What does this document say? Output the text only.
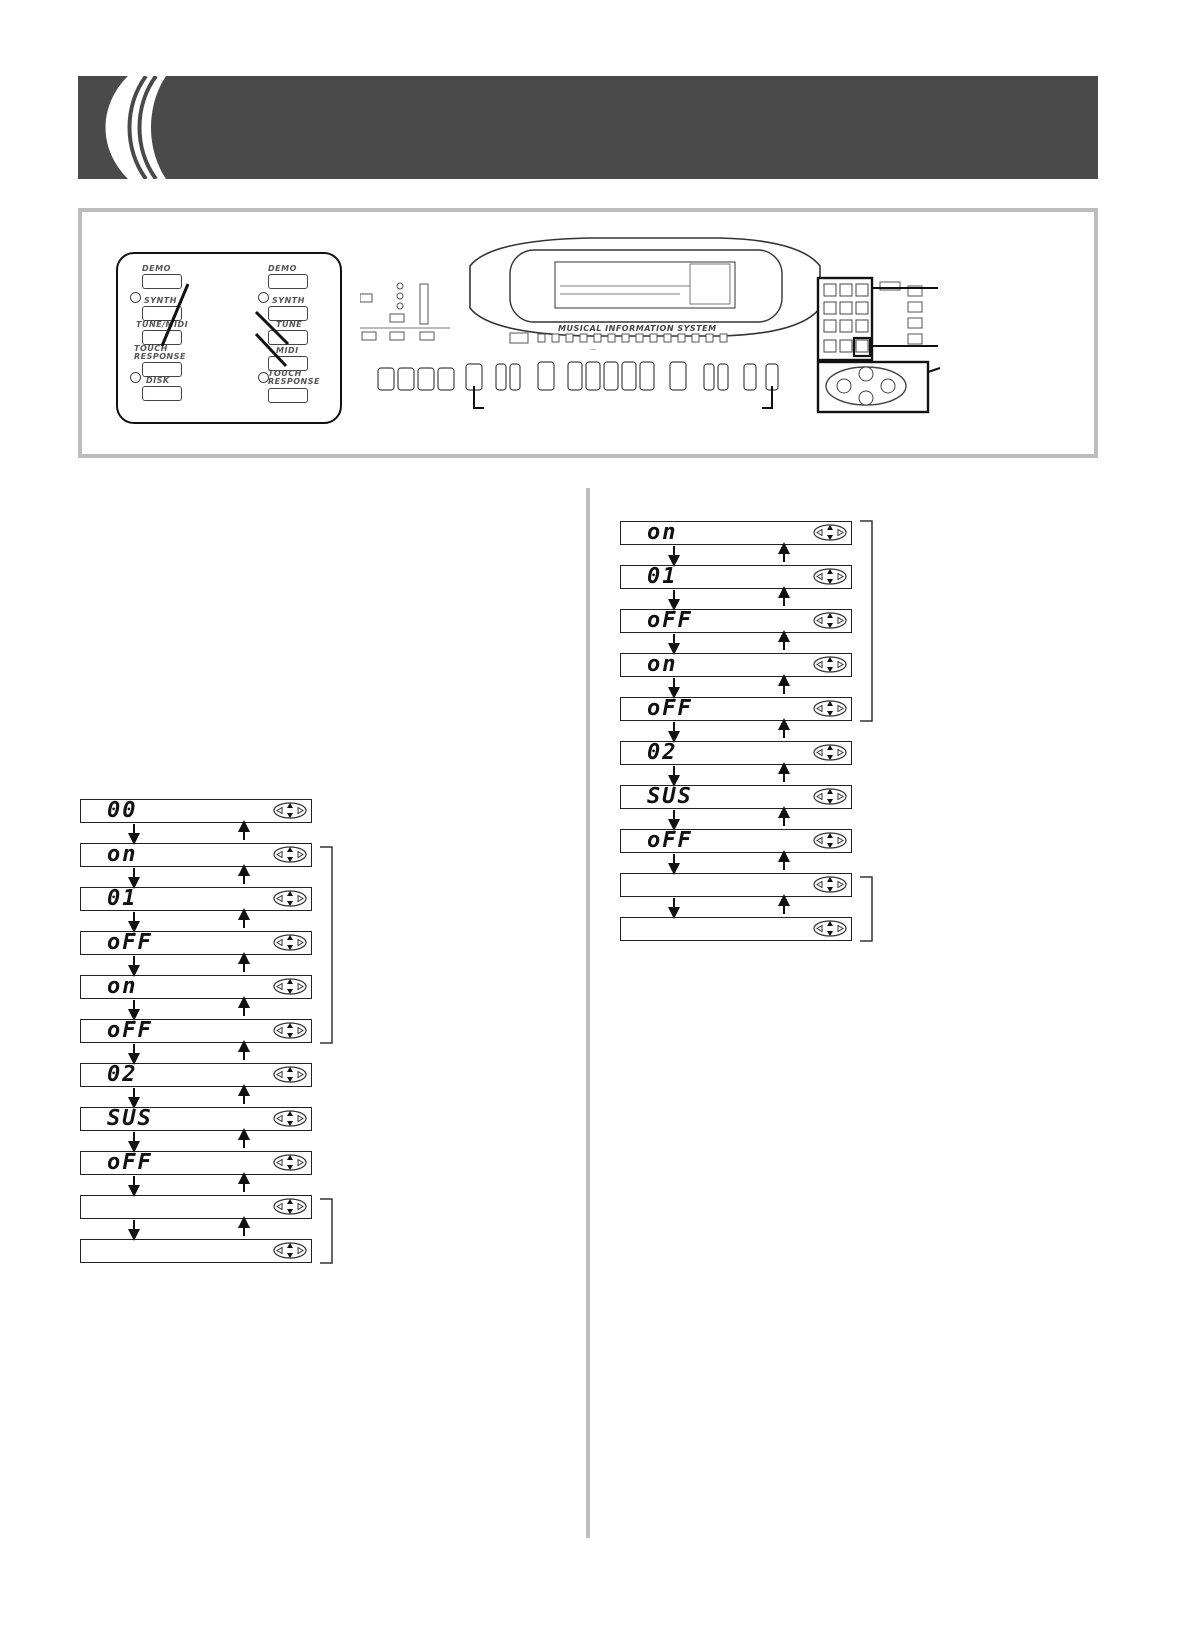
DEMO
SYNTH
TUNE/MIDI
TOUCH RESPONSE
DISK
DEMO
SYNTH
TUNE
MIDI
TOUCH RESPONSE
—
MUSICAL INFORMATION SYSTEM
00
on
01
oFF
on
oFF
02
SUS
oFF
on
01
oFF
on
oFF
02
SUS
oFF
